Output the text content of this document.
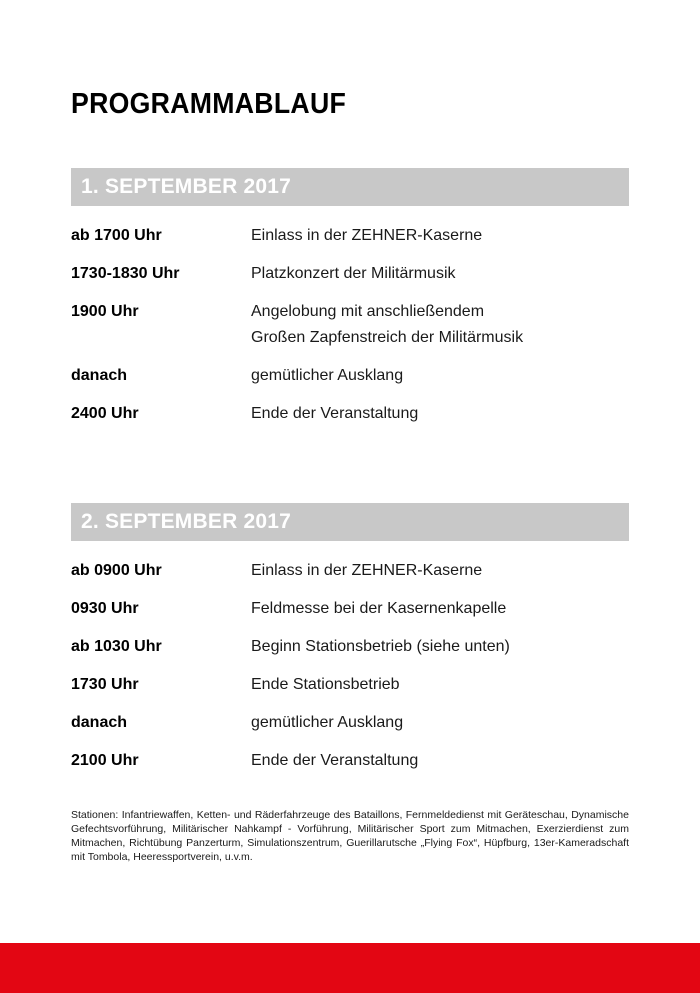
PROGRAMMABLAUF
1. SEPTEMBER 2017
ab 1700 Uhr	Einlass in der ZEHNER-Kaserne
1730-1830 Uhr	Platzkonzert der Militärmusik
1900 Uhr	Angelobung mit anschließendem
Großen Zapfenstreich der Militärmusik
danach	gemütlicher Ausklang
2400 Uhr	Ende der Veranstaltung
2. SEPTEMBER 2017
ab 0900 Uhr	Einlass in der ZEHNER-Kaserne
0930 Uhr	Feldmesse bei der Kasernenkapelle
ab 1030 Uhr	Beginn Stationsbetrieb (siehe unten)
1730 Uhr	Ende Stationsbetrieb
danach	gemütlicher Ausklang
2100 Uhr	Ende der Veranstaltung

Stationen: Infantriewaffen, Ketten- und Räderfahrzeuge des Bataillons, Fernmeldedienst mit Geräteschau, Dynamische Gefechtsvorführung, Militärischer Nahkampf - Vorführung, Militärischer Sport zum Mitmachen, Exerzierdienst zum Mitmachen, Richtübung Panzerturm, Simulationszentrum, Guerillarutsche „Flying Fox“, Hüpfburg, 13er-Kameradschaft mit Tombola, Heeressportverein, u.v.m.
